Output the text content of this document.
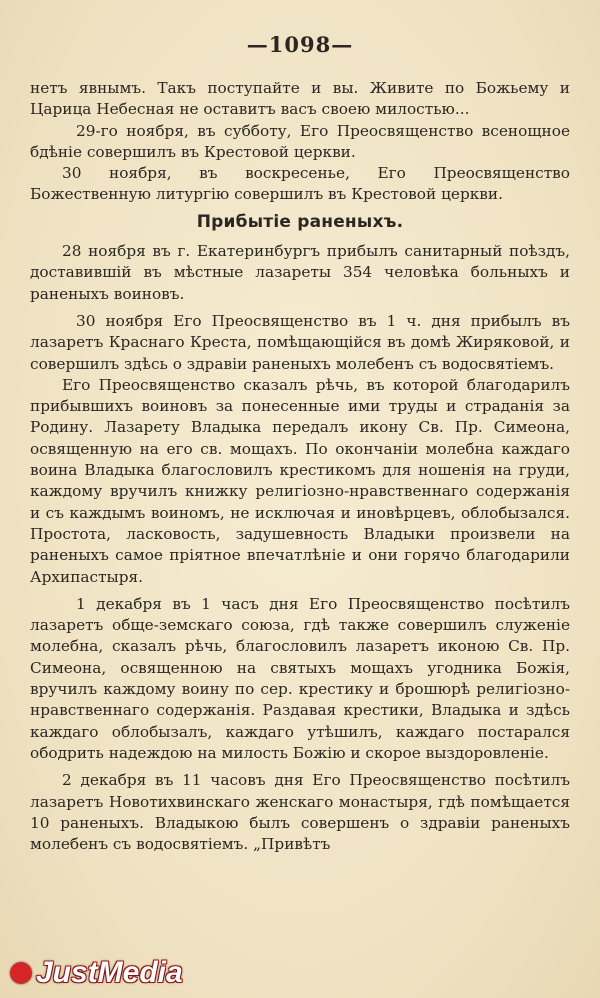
—1098—

нетъ явнымъ. Такъ поступайте и вы. Живите по Божьему и Царица Небесная не оставитъ васъ своею милостью...

29-го ноября, въ субботу, Его Преосвященство всенощное бдѣніе совершилъ въ Крестовой церкви.

30 ноября, въ воскресенье, Его Преосвященство Божественную литургію совершилъ въ Крестовой церкви.

Прибытіе раненыхъ.

28 ноября въ г. Екатеринбургъ прибылъ санитарный поѣздъ, доставившій въ мѣстные лазареты 354 человѣка больныхъ и раненыхъ воиновъ.

30 ноября Его Преосвященство въ 1 ч. дня прибылъ въ лазаретъ Краснаго Креста, помѣщающійся въ домѣ Жиряковой, и совершилъ здѣсь о здравіи раненыхъ молебенъ съ водосвятіемъ.

Его Преосвященство сказалъ рѣчь, въ которой благодарилъ прибывшихъ воиновъ за понесенные ими труды и страданія за Родину. Лазарету Владыка передалъ икону Св. Пр. Симеона, освященную на его св. мощахъ. По окончаніи молебна каждаго воина Владыка благословилъ крестикомъ для ношенія на груди, каждому вручилъ книжку религіозно-нравственнаго содержанія и съ каждымъ воиномъ, не исключая и иновѣрцевъ, облобызался. Простота, ласковость, задушевность Владыки произвели на раненыхъ самое пріятное впечатлѣніе и они горячо благодарили Архипастыря.

1 декабря въ 1 часъ дня Его Преосвященство посѣтилъ лазаретъ обще-земскаго союза, гдѣ также совершилъ служеніе молебна, сказалъ рѣчь, благословилъ лазаретъ иконою Св. Пр. Симеона, освященною на святыхъ мощахъ угодника Божія, вручилъ каждому воину по сер. крестику и брошюрѣ религіозно-нравственнаго содержанія. Раздавая крестики, Владыка и здѣсь каждаго облобызалъ, каждаго утѣшилъ, каждаго постарался ободрить надеждою на милость Божію и скорое выздоровленіе.

2 декабря въ 11 часовъ дня Его Преосвященство посѣтилъ лазаретъ Новотихвинскаго женскаго монастыря, гдѣ помѣщается 10 раненыхъ. Владыкою былъ совершенъ о здравіи раненыхъ молебенъ съ водосвятіемъ. „Привѣтъ

JustMedia
